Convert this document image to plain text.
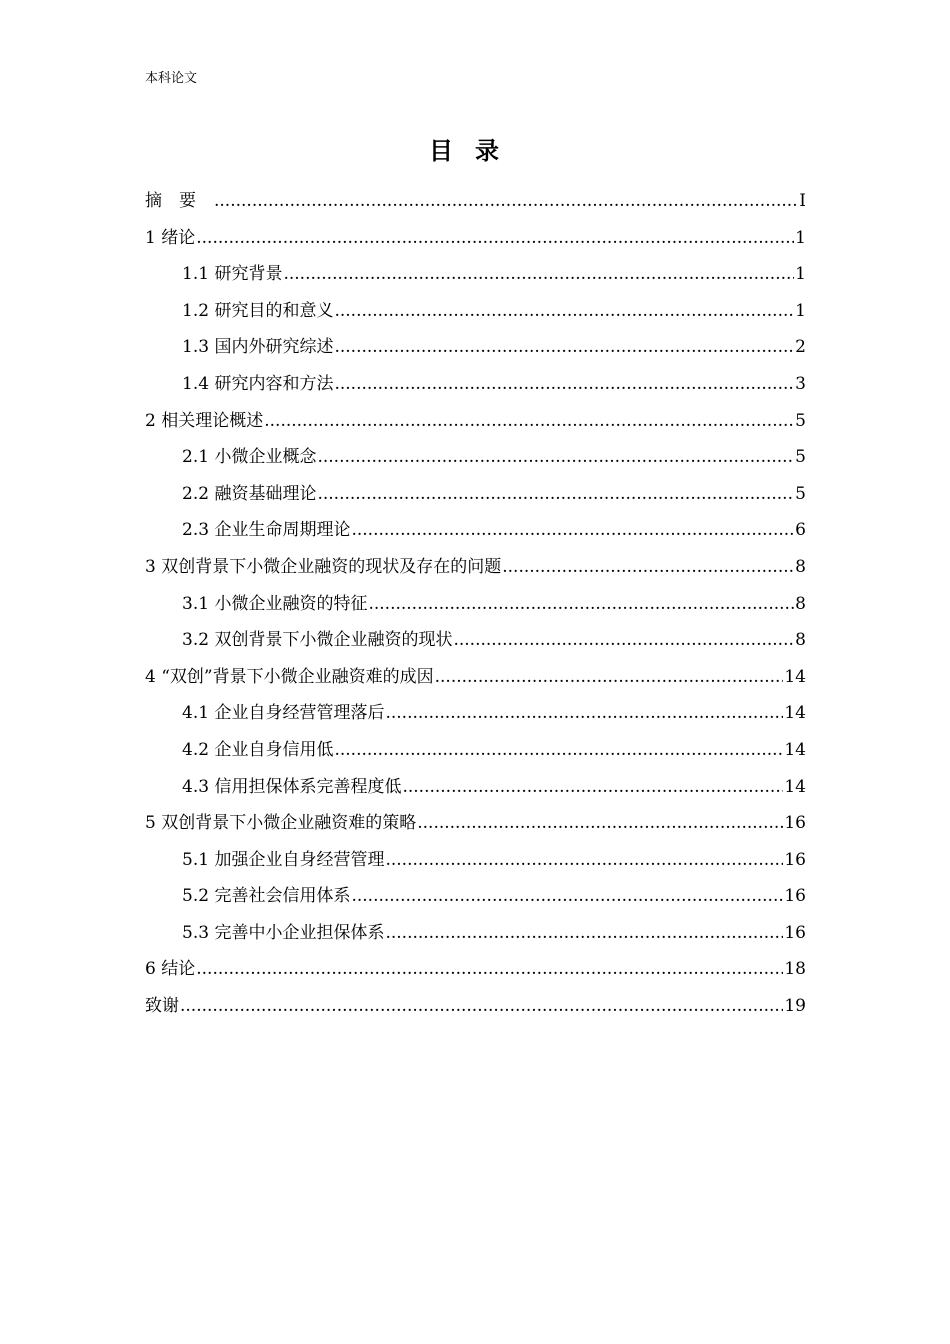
本科论文
目录
摘要 .....	I
1 绪论 .....	1
1.1 研究背景 .....	1
1.2 研究目的和意义 .....	1
1.3 国内外研究综述 .....	2
1.4 研究内容和方法 .....	3
2 相关理论概述 .....	5
2.1 小微企业概念 .....	5
2.2 融资基础理论 .....	5
2.3 企业生命周期理论 .....	6
3 双创背景下小微企业融资的现状及存在的问题 .....	8
3.1 小微企业融资的特征 .....	8
3.2 双创背景下小微企业融资的现状 .....	8
4 “双创”背景下小微企业融资难的成因 .....	14
4.1 企业自身经营管理落后 .....	14
4.2 企业自身信用低 .....	14
4.3 信用担保体系完善程度低 .....	14
5 双创背景下小微企业融资难的策略 .....	16
5.1 加强企业自身经营管理 .....	16
5.2 完善社会信用体系 .....	16
5.3 完善中小企业担保体系 .....	16
6 结论 .....	18
致谢 .....	19
